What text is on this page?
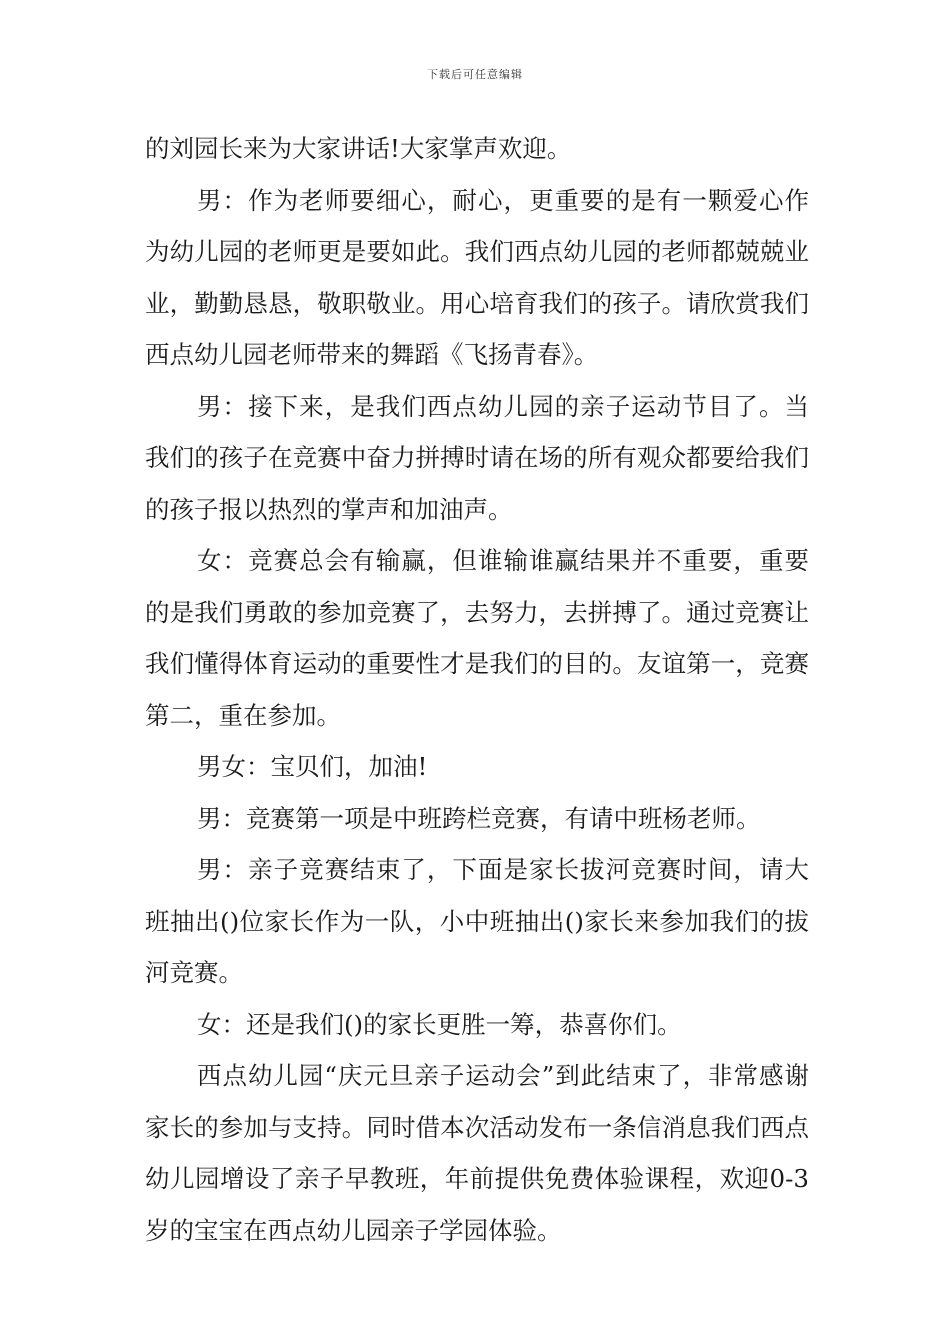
下载后可任意编辑

的刘园长来为大家讲话!大家掌声欢迎。

男：作为老师要细心，耐心，更重要的是有一颗爱心作为幼儿园的老师更是要如此。我们西点幼儿园的老师都兢兢业业，勤勤恳恳，敬职敬业。用心培育我们的孩子。请欣赏我们西点幼儿园老师带来的舞蹈《飞扬青春》。

男：接下来，是我们西点幼儿园的亲子运动节目了。当我们的孩子在竞赛中奋力拼搏时请在场的所有观众都要给我们的孩子报以热烈的掌声和加油声。

女：竞赛总会有输赢，但谁输谁赢结果并不重要，重要的是我们勇敢的参加竞赛了，去努力，去拼搏了。通过竞赛让我们懂得体育运动的重要性才是我们的目的。友谊第一，竞赛第二，重在参加。

男女：宝贝们，加油!

男：竞赛第一项是中班跨栏竞赛，有请中班杨老师。

男：亲子竞赛结束了，下面是家长拔河竞赛时间，请大班抽出()位家长作为一队，小中班抽出()家长来参加我们的拔河竞赛。

女：还是我们()的家长更胜一筹，恭喜你们。

西点幼儿园“庆元旦亲子运动会”到此结束了，非常感谢家长的参加与支持。同时借本次活动发布一条信消息我们西点幼儿园增设了亲子早教班，年前提供免费体验课程，欢迎0-3岁的宝宝在西点幼儿园亲子学园体验。
